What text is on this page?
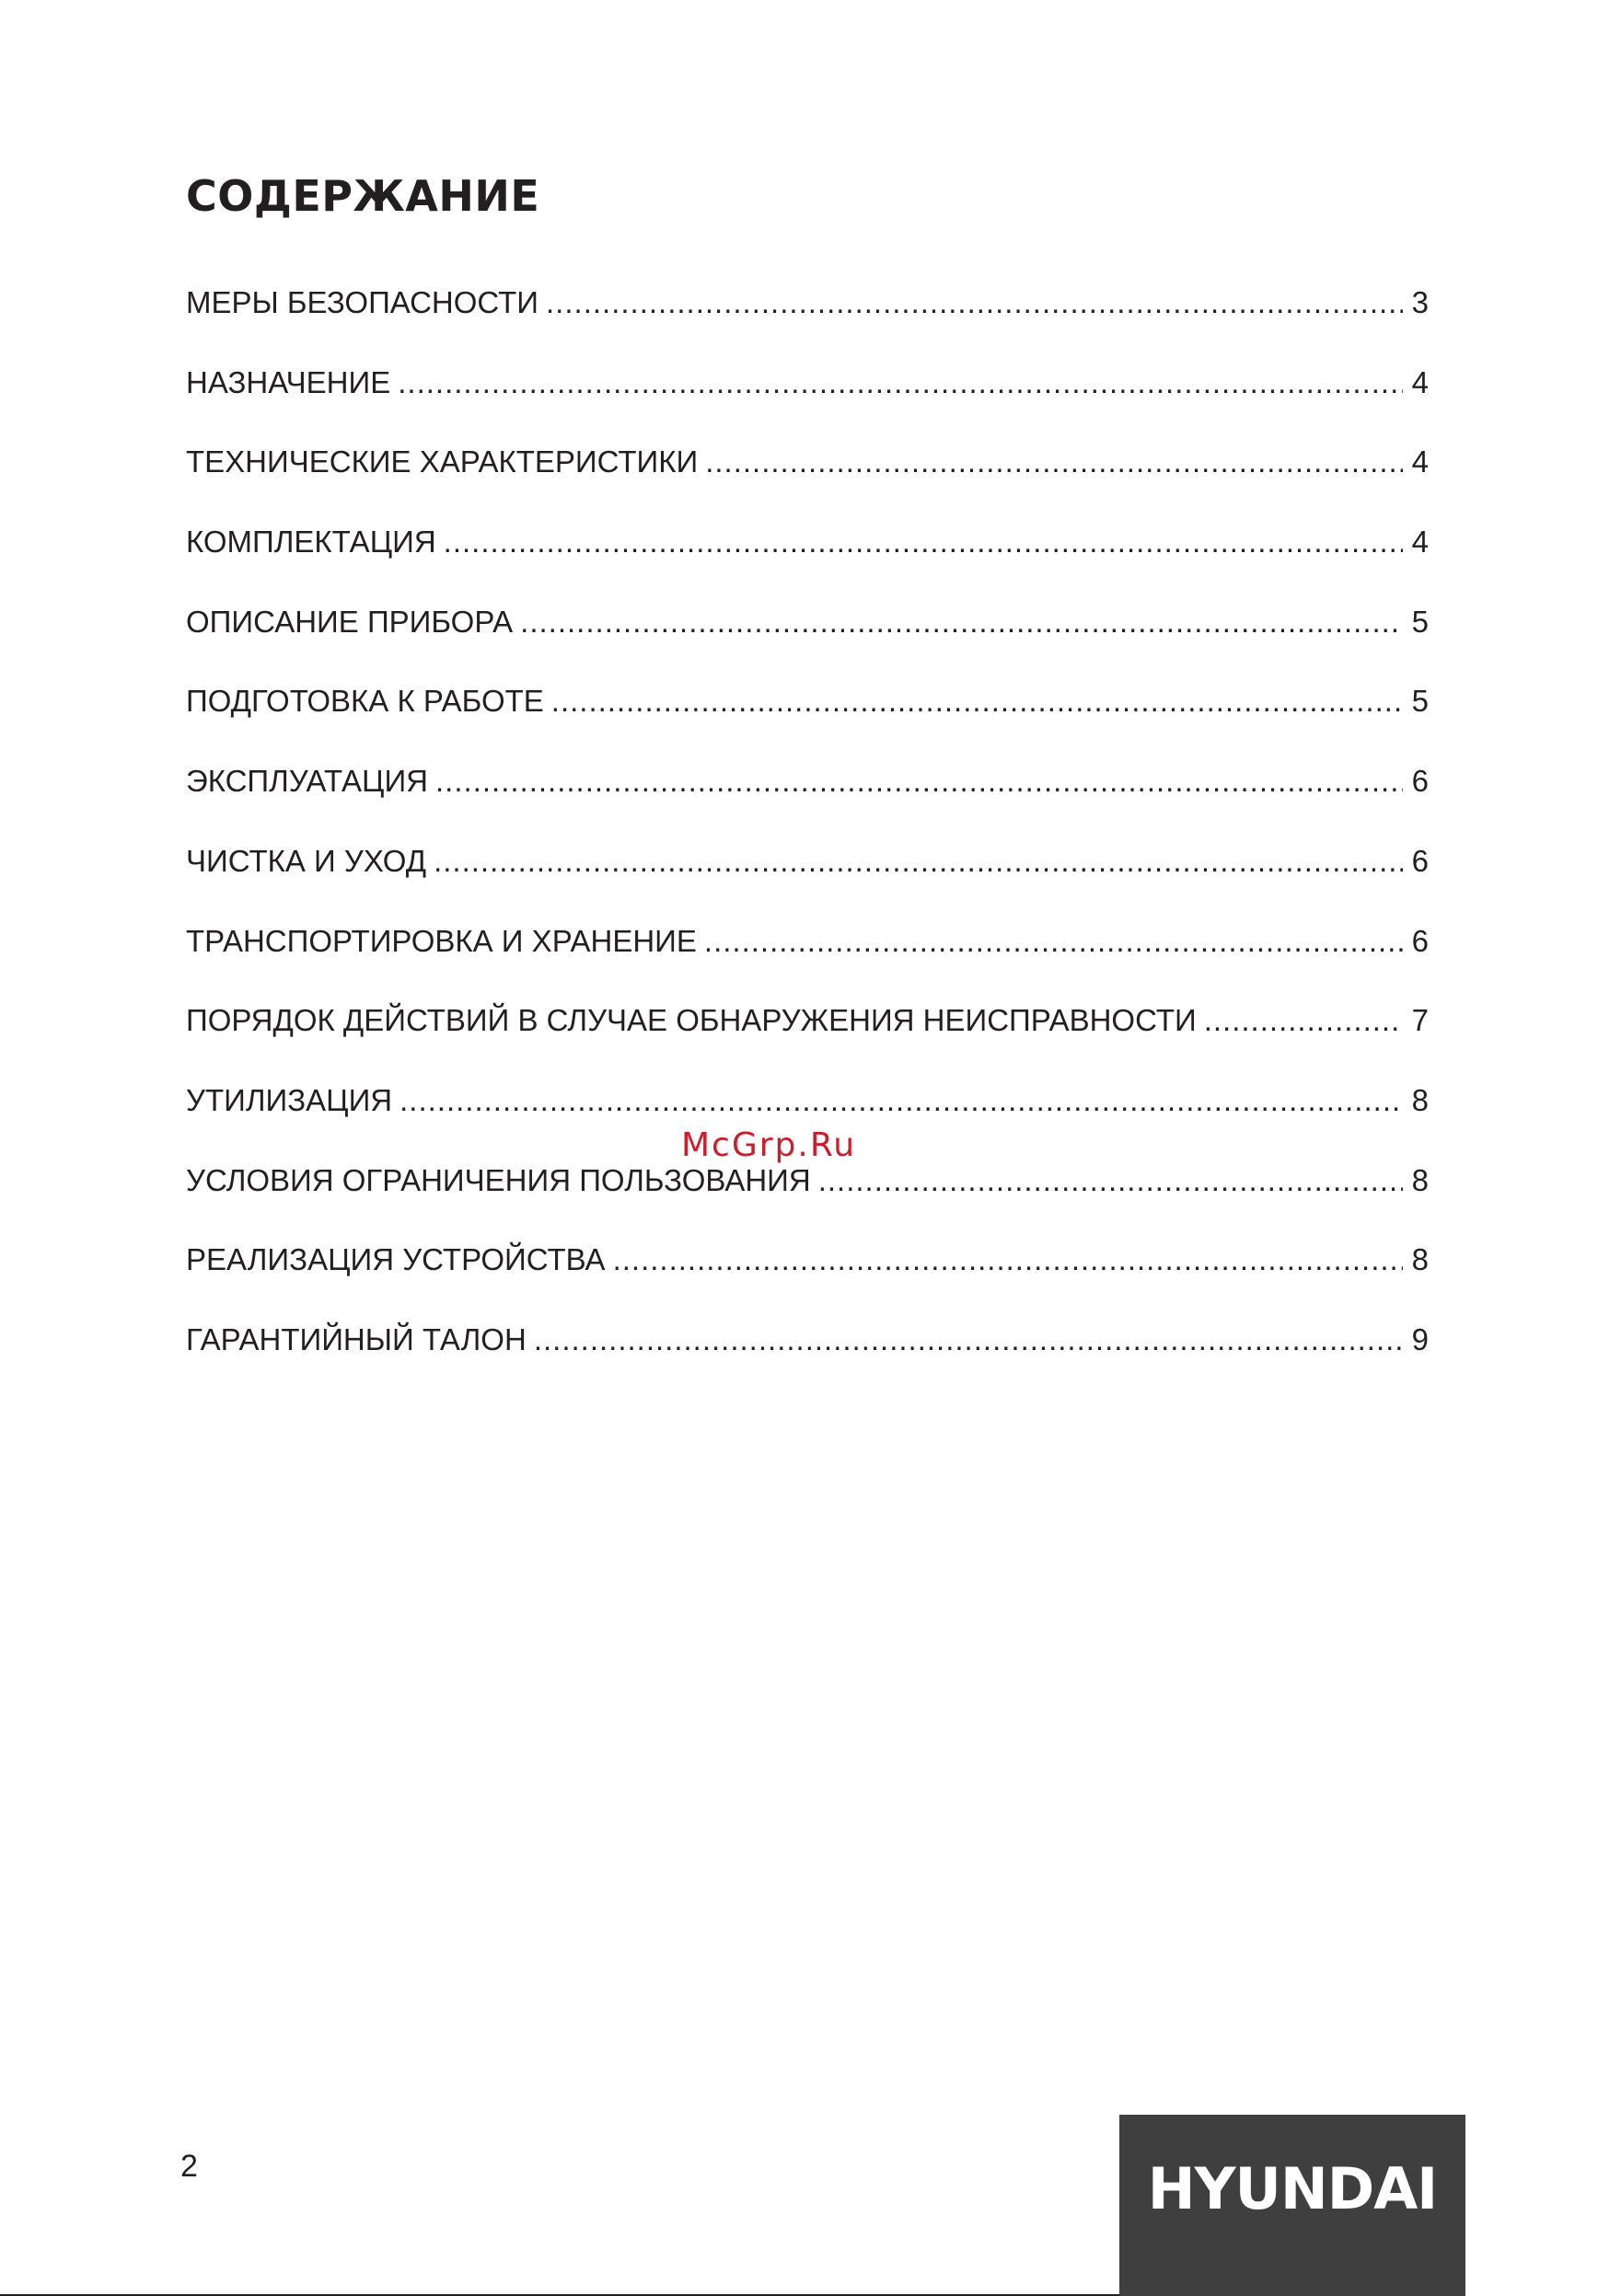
СОДЕРЖАНИЕ
МЕРЫ БЕЗОПАСНОСТИ .....	3
НАЗНАЧЕНИЕ .....	4
ТЕХНИЧЕСКИЕ ХАРАКТЕРИСТИКИ .....	4
КОМПЛЕКТАЦИЯ .....	4
ОПИСАНИЕ ПРИБОРА .....	5
ПОДГОТОВКА К РАБОТЕ .....	5
ЭКСПЛУАТАЦИЯ .....	6
ЧИСТКА И УХОД .....	6
ТРАНСПОРТИРОВКА И ХРАНЕНИЕ .....	6
ПОРЯДОК ДЕЙСТВИЙ В СЛУЧАЕ ОБНАРУЖЕНИЯ НЕИСПРАВНОСТИ .....	7
УТИЛИЗАЦИЯ .....	8
УСЛОВИЯ ОГРАНИЧЕНИЯ ПОЛЬЗОВАНИЯ .....	8
РЕАЛИЗАЦИЯ УСТРОЙСТВА .....	8
ГАРАНТИЙНЫЙ ТАЛОН .....	9
McGrp.Ru
2	HYUNDAI
